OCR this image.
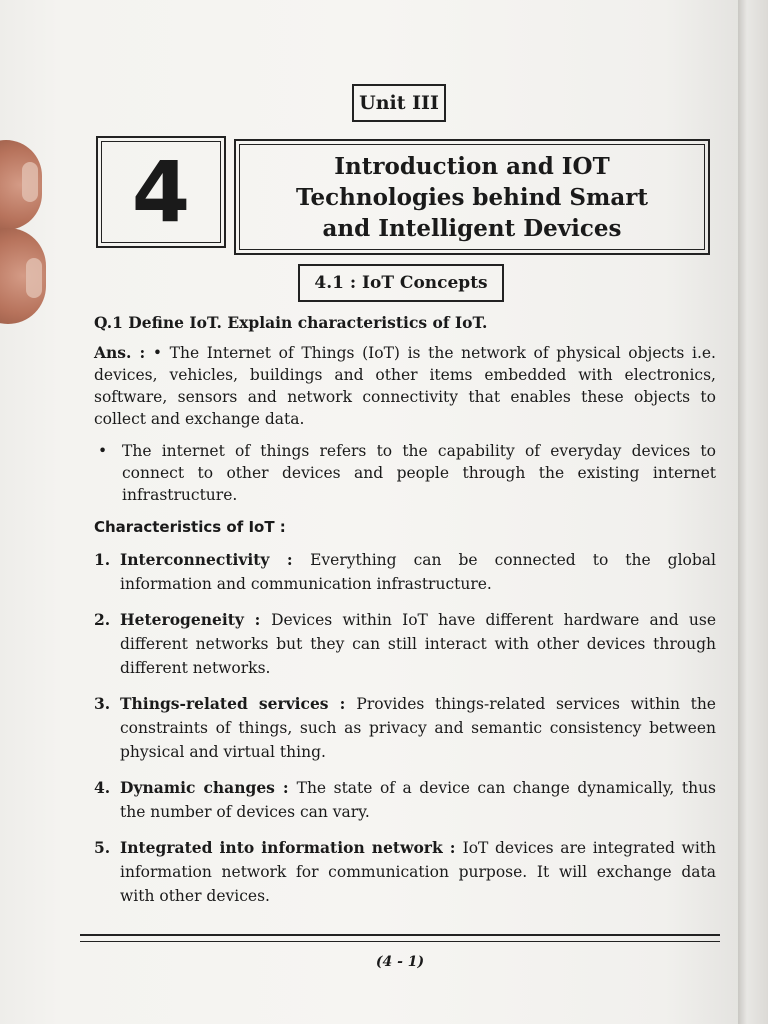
Unit III
4	Introduction and IOT
Technologies behind Smart
and Intelligent Devices
4.1 : IoT Concepts

Q.1 Define IoT. Explain characteristics of IoT.

Ans. : • The Internet of Things (IoT) is the network of physical objects i.e. devices, vehicles, buildings and other items embedded with electronics, software, sensors and network connectivity that enables these objects to collect and exchange data.

• The internet of things refers to the capability of everyday devices to connect to other devices and people through the existing internet infrastructure.
Characteristics of IoT :
1. Interconnectivity : Everything can be connected to the global information and communication infrastructure.
2. Heterogeneity : Devices within IoT have different hardware and use different networks but they can still interact with other devices through different networks.
3. Things-related services : Provides things-related services within the constraints of things, such as privacy and semantic consistency between physical and virtual thing.
4. Dynamic changes : The state of a device can change dynamically, thus the number of devices can vary.
5. Integrated into information network : IoT devices are integrated with information network for communication purpose. It will exchange data with other devices.
(4 - 1)
